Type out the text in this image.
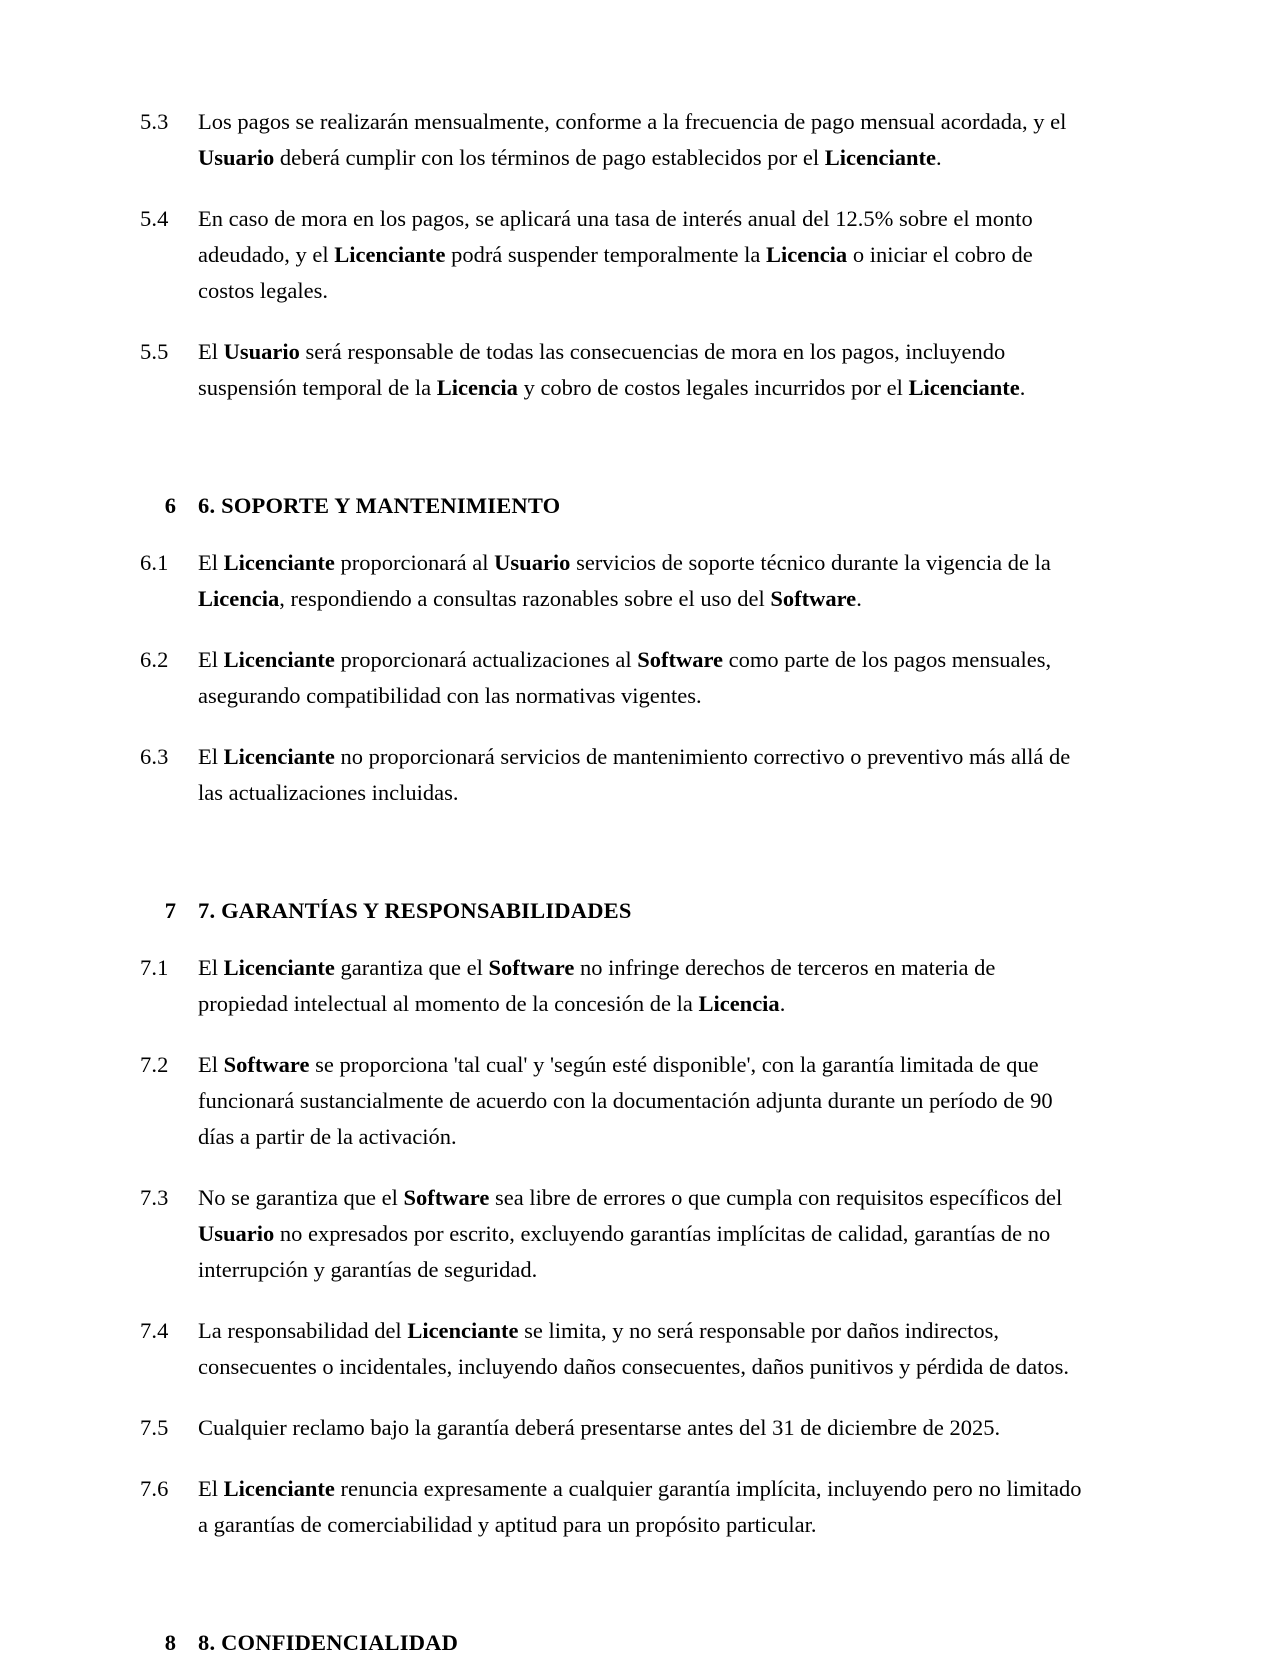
5.3	Los pagos se realizarán mensualmente, conforme a la frecuencia de pago mensual acordada, y el Usuario deberá cumplir con los términos de pago establecidos por el Licenciante.
5.4	En caso de mora en los pagos, se aplicará una tasa de interés anual del 12.5% sobre el monto adeudado, y el Licenciante podrá suspender temporalmente la Licencia o iniciar el cobro de costos legales.
5.5	El Usuario será responsable de todas las consecuencias de mora en los pagos, incluyendo suspensión temporal de la Licencia y cobro de costos legales incurridos por el Licenciante.
6 6. SOPORTE Y MANTENIMIENTO
6.1	El Licenciante proporcionará al Usuario servicios de soporte técnico durante la vigencia de la Licencia, respondiendo a consultas razonables sobre el uso del Software.
6.2	El Licenciante proporcionará actualizaciones al Software como parte de los pagos mensuales, asegurando compatibilidad con las normativas vigentes.
6.3	El Licenciante no proporcionará servicios de mantenimiento correctivo o preventivo más allá de las actualizaciones incluidas.
7 7. GARANTÍAS Y RESPONSABILIDADES
7.1	El Licenciante garantiza que el Software no infringe derechos de terceros en materia de propiedad intelectual al momento de la concesión de la Licencia.
7.2	El Software se proporciona 'tal cual' y 'según esté disponible', con la garantía limitada de que funcionará sustancialmente de acuerdo con la documentación adjunta durante un período de 90 días a partir de la activación.
7.3	No se garantiza que el Software sea libre de errores o que cumpla con requisitos específicos del Usuario no expresados por escrito, excluyendo garantías implícitas de calidad, garantías de no interrupción y garantías de seguridad.
7.4	La responsabilidad del Licenciante se limita, y no será responsable por daños indirectos, consecuentes o incidentales, incluyendo daños consecuentes, daños punitivos y pérdida de datos.
7.5	Cualquier reclamo bajo la garantía deberá presentarse antes del 31 de diciembre de 2025.
7.6	El Licenciante renuncia expresamente a cualquier garantía implícita, incluyendo pero no limitado a garantías de comerciabilidad y aptitud para un propósito particular.
8 8. CONFIDENCIALIDAD
